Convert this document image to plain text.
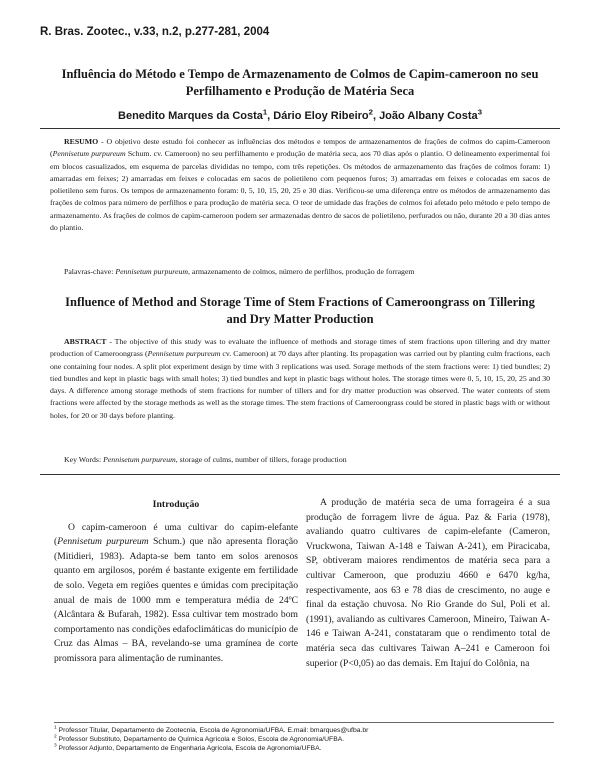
R. Bras. Zootec., v.33, n.2, p.277-281, 2004
Influência do Método e Tempo de Armazenamento de Colmos de Capim-cameroon no seu
Perfilhamento e Produção de Matéria Seca
Benedito Marques da Costa$^1$, Dário Eloy Ribeiro$^2$, João Albany Costa$^3$
RESUMO - O objetivo deste estudo foi conhecer as influências dos métodos e tempos de armazenamentos de frações de colmos do capim-Cameroon (Pennisetum purpureum Schum. cv. Cameroon) no seu perfilhamento e produção de matéria seca, aos 70 dias após o plantio. O delineamento experimental foi em blocos casualizados, em esquema de parcelas divididas no tempo, com três repetições. Os métodos de armazenamento das frações de colmos foram: 1) amarradas em feixes; 2) amarradas em feixes e colocadas em sacos de polietileno com pequenos furos; 3) amarradas em feixes e colocadas em sacos de polietileno sem furos. Os tempos de armazenamento foram: 0, 5, 10, 15, 20, 25 e 30 dias. Verificou-se uma diferença entre os métodos de armazenamento das frações de colmos para número de perfilhos e para produção de matéria seca. O teor de umidade das frações de colmos foi afetado pelo método e pelo tempo de armazenamento. As frações de colmos de capim-cameroon podem ser armazenadas dentro de sacos de polietileno, perfurados ou não, durante 20 a 30 dias antes do plantio.
Palavras-chave: Pennisetum purpureum, armazenamento de colmos, número de perfilhos, produção de forragem
Influence of Method and Storage Time of Stem Fractions of Cameroongrass on Tillering
and Dry Matter Production
ABSTRACT - The objective of this study was to evaluate the influence of methods and storage times of stem fractions upon tillering and dry matter production of Cameroongrass (Pennisetum purpureum cv. Cameroon) at 70 days after planting. Its propagation was carried out by planting culm fractions, each one containing four nodes. A split plot experiment design by time with 3 replications was used. Sorage methods of the stem fractions were: 1) tied bundles; 2) tied bundles and kept in plastic bags with small holes; 3) tied bundles and kept in plastic bags without holes. The storage times were 0, 5, 10, 15, 20, 25 and 30 days. A difference among storage methods of stem fractions for number of tillers and for dry matter production was observed. The water contents of stem fractions were affected by the storage methods as well as the storage times. The stem fractions of Cameroongrass could be stored in plastic bags with or without holes, for 20 or 30 days before planting.
Key Words: Pennisetum purpureum, storage of culms, number of tillers, forage production
Introdução

O capim-cameroon é uma cultivar do capim-elefante (Pennisetum purpureum Schum.) que não apresenta floração (Mitidieri, 1983). Adapta-se bem tanto em solos arenosos quanto em argilosos, porém é bastante exigente em fertilidade de solo. Vegeta em regiões quentes e úmidas com precipitação anual de mais de 1000 mm e temperatura média de 24ºC (Alcântara & Bufarah, 1982). Essa cultivar tem mostrado bom comportamento nas condições edafoclimáticas do município de Cruz das Almas – BA, revelando-se uma gramínea de corte promissora para alimentação de ruminantes.

A produção de matéria seca de uma forrageira é a sua produção de forragem livre de água. Paz & Faria (1978), avaliando quatro cultivares de capim-elefante (Cameron, Vruckwona, Taiwan A-148 e Taiwan A-241), em Piracicaba, SP, obtiveram maiores rendimentos de matéria seca para a cultivar Cameroon, que produziu 4660 e 6470 kg/ha, respectivamente, aos 63 e 78 dias de crescimento, no auge e final da estação chuvosa. No Rio Grande do Sul, Poli et al. (1991), avaliando as cultivares Cameroon, Mineiro, Taiwan A-146 e Taiwan A-241, constataram que o rendimento total de matéria seca das cultivares Taiwan A–241 e Cameroon foi superior (P<0,05) ao das demais. Em Itajuí do Colônia, na

$^1$ Professor Titular, Departamento de Zootecnia, Escola de Agronomia/UFBA. E.mail: bmarques@ufba.br
$^2$ Professor Substituto, Departamento de Química Agrícola e Solos, Escola de Agronomia/UFBA.
$^3$ Professor Adjunto, Departamento de Engenharia Agrícola, Escola de Agronomia/UFBA.
